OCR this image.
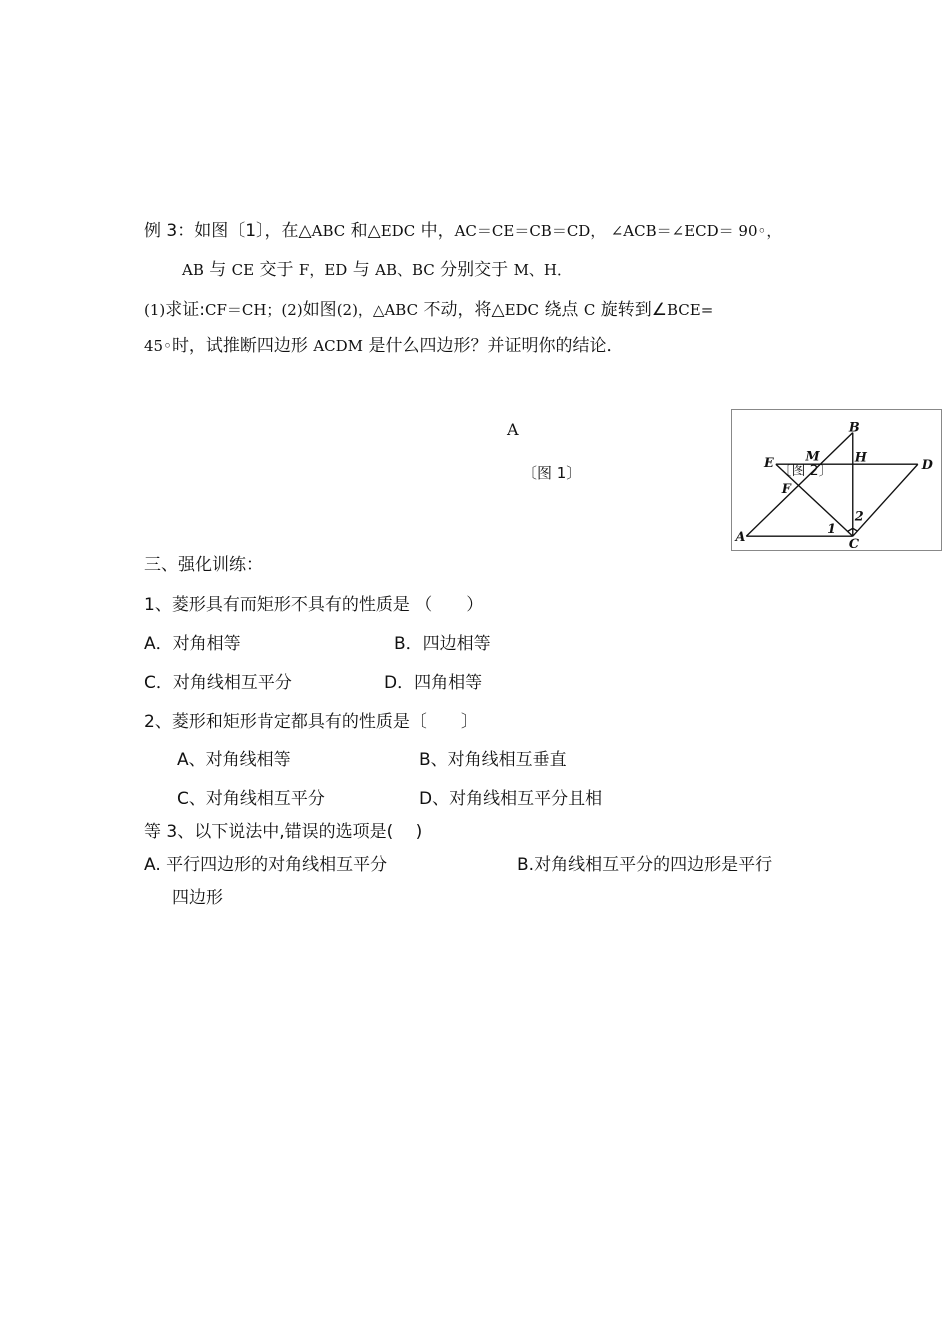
例 3：如图〔1〕，在△ABC 和△EDC 中，AC＝CE＝CB＝CD， ∠ACB＝∠ECD＝ 90◦，
AB 与 CE 交于 F，ED 与 AB、BC 分别交于 M、H．
(1)求证:CF＝CH；(2)如图(2)，△ABC 不动，将△EDC 绕点 C 旋转到∠BCE=
45◦时，试推断四边形 ACDM 是什么四边形？并证明你的结论．
A
〔图 1〕
A
B
C
D
E
F
M	H
1
2
〔图 2〕
三、强化训练：
1、菱形具有而矩形不具有的性质是 （　　）
A．对角相等	B．四边相等
C．对角线相互平分	D．四角相等
2、菱形和矩形肯定都具有的性质是〔　　〕
A、对角线相等	B、对角线相互垂直
C、对角线相互平分	D、对角线相互平分且相
等 3、以下说法中,错误的选项是(　 )
A. 平行四边形的对角线相互平分	B.对角线相互平分的四边形是平行
四边形
